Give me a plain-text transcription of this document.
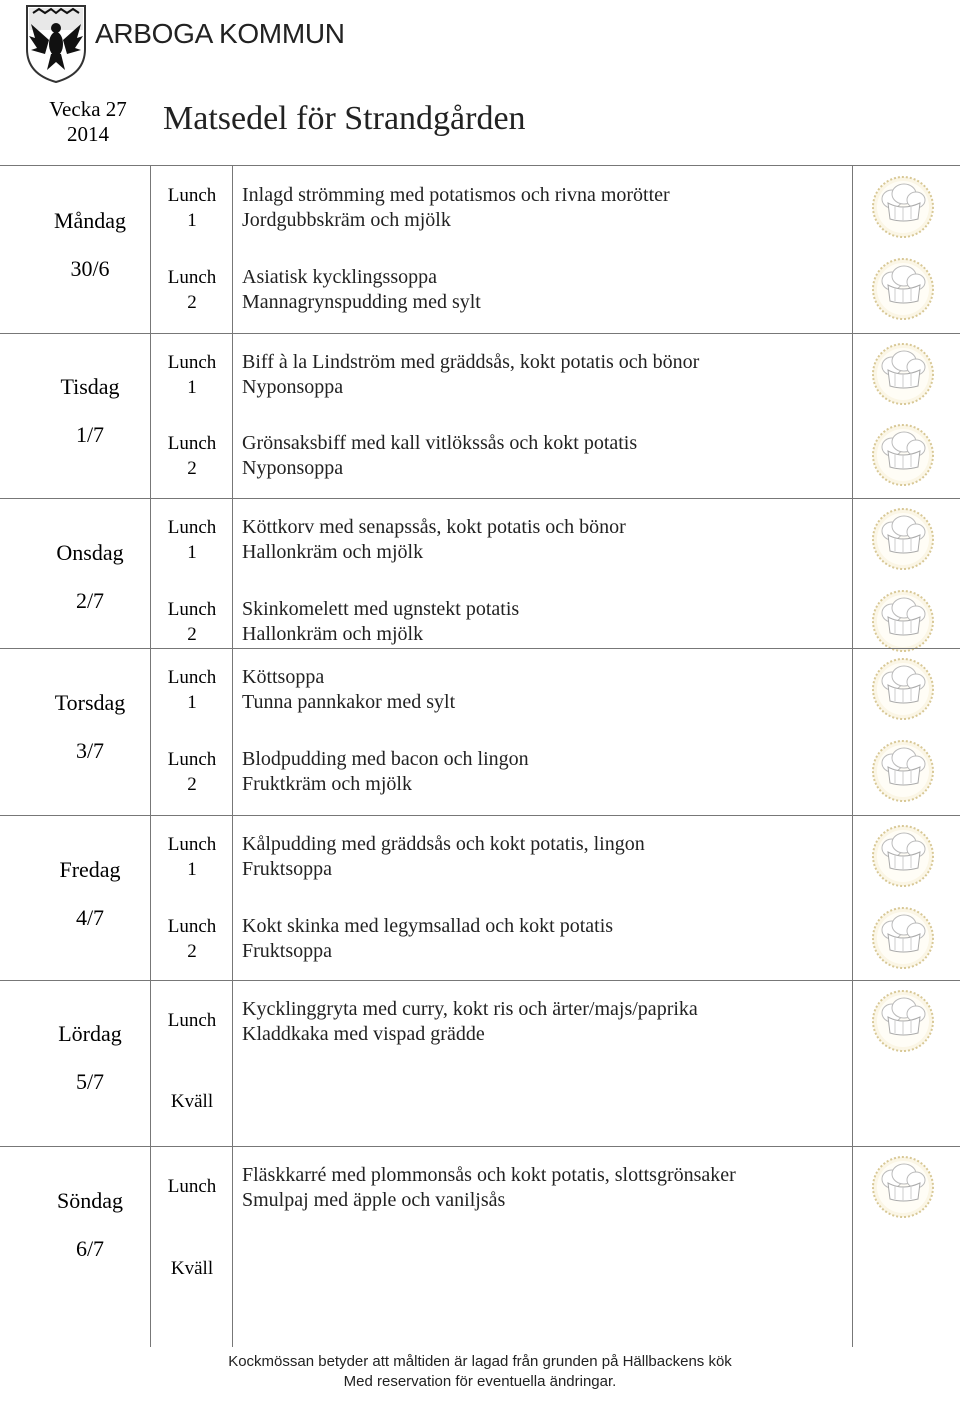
ARBOGA KOMMUN
Vecka 27
2014	Matsedel för Strandgården
Måndag
30/6
Lunch
1
Inlagd strömming med potatismos och rivna morötter
Jordgubbskräm och mjölk
Lunch
2
Asiatisk kycklingssoppa
Mannagrynspudding med sylt
Tisdag
1/7
Lunch
1
Biff à la Lindström med gräddsås, kokt potatis och bönor
Nyponsoppa
Lunch
2
Grönsaksbiff med kall vitlökssås och kokt potatis
Nyponsoppa
Onsdag
2/7
Lunch
1
Köttkorv med senapssås, kokt potatis och bönor
Hallonkräm och mjölk
Lunch
2
Skinkomelett med ugnstekt potatis
Hallonkräm och mjölk
Torsdag
3/7
Lunch
1
Köttsoppa
Tunna pannkakor med sylt
Lunch
2
Blodpudding med bacon och lingon
Fruktkräm och mjölk
Fredag
4/7
Lunch
1
Kålpudding med gräddsås och kokt potatis, lingon
Fruktsoppa
Lunch
2
Kokt skinka med legymsallad och kokt potatis
Fruktsoppa
Lördag
5/7
Lunch
Kycklinggryta med curry, kokt ris och ärter/majs/paprika
Kladdkaka med vispad grädde
Kväll
Söndag
6/7
Lunch
Fläskkarré med plommonsås och kokt potatis, slottsgrönsaker
Smulpaj med äpple och vaniljsås
Kväll
Kockmössan betyder att måltiden är lagad från grunden på Hällbackens kök
Med reservation för eventuella ändringar.
